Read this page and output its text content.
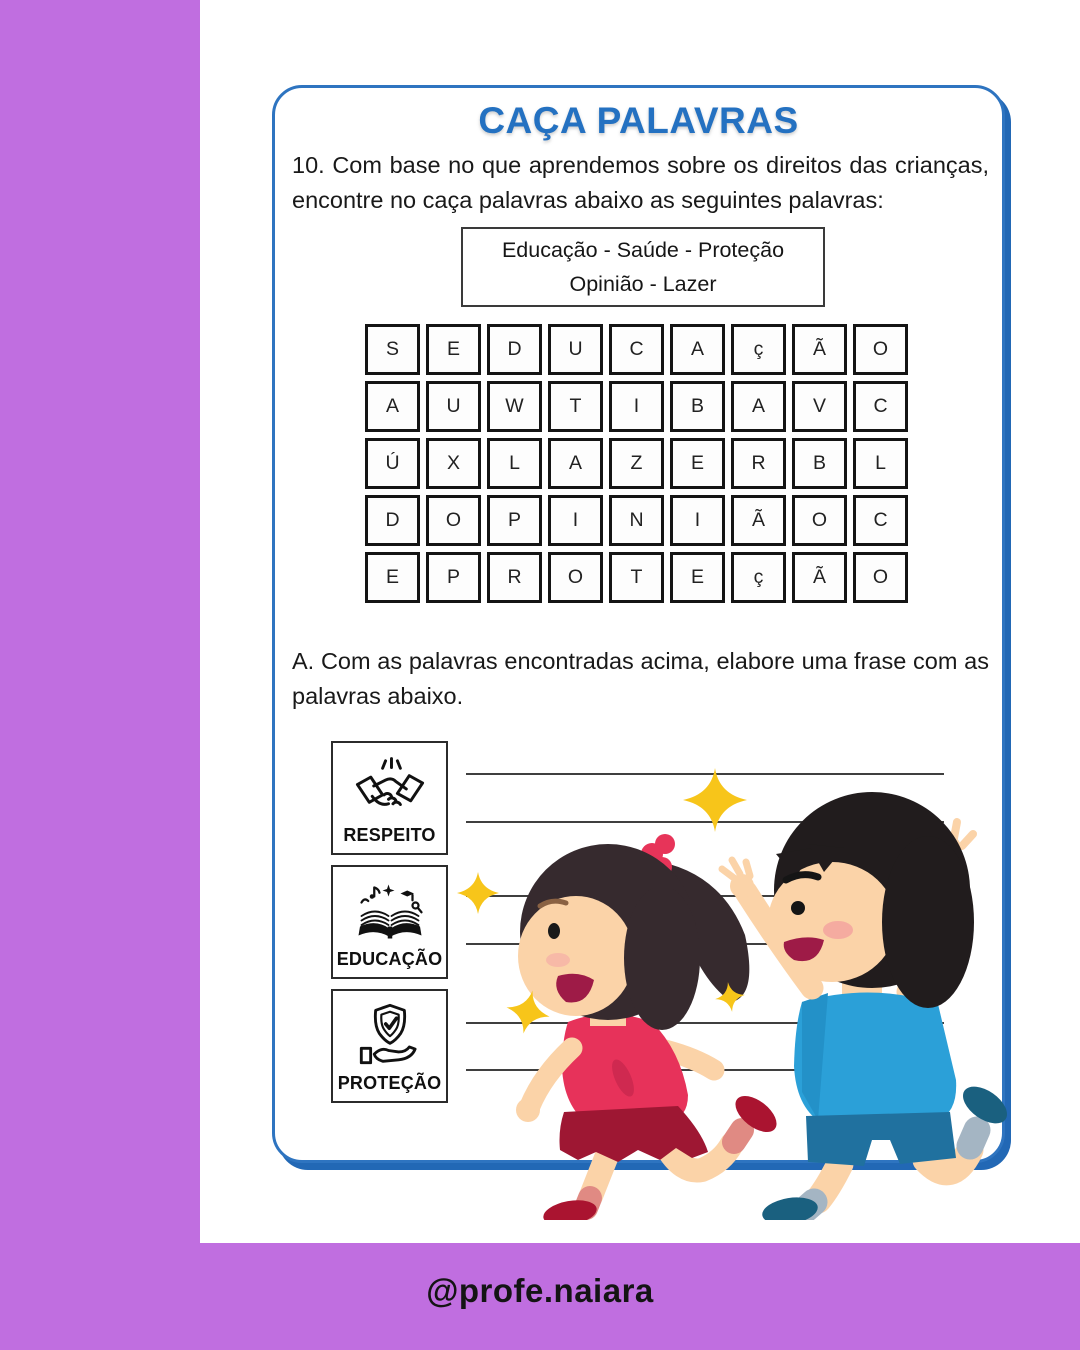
CAÇA PALAVRAS
10. Com base no que aprendemos sobre os direitos das crianças, encontre no caça palavras abaixo as seguintes palavras:
Educação - Saúde - Proteção
Opinião - Lazer
S	E	D	U	C	A	ç	Ã	O
A	U	W	T	I	B	A	V	C
Ú	X	L	A	Z	E	R	B	L
D	O	P	I	N	I	Ã	O	C
E	P	R	O	T	E	ç	Ã	O
A. Com as palavras encontradas acima, elabore uma frase com as palavras abaixo.
RESPEITO
EDUCAÇÃO
PROTEÇÃO
@profe.naiara
